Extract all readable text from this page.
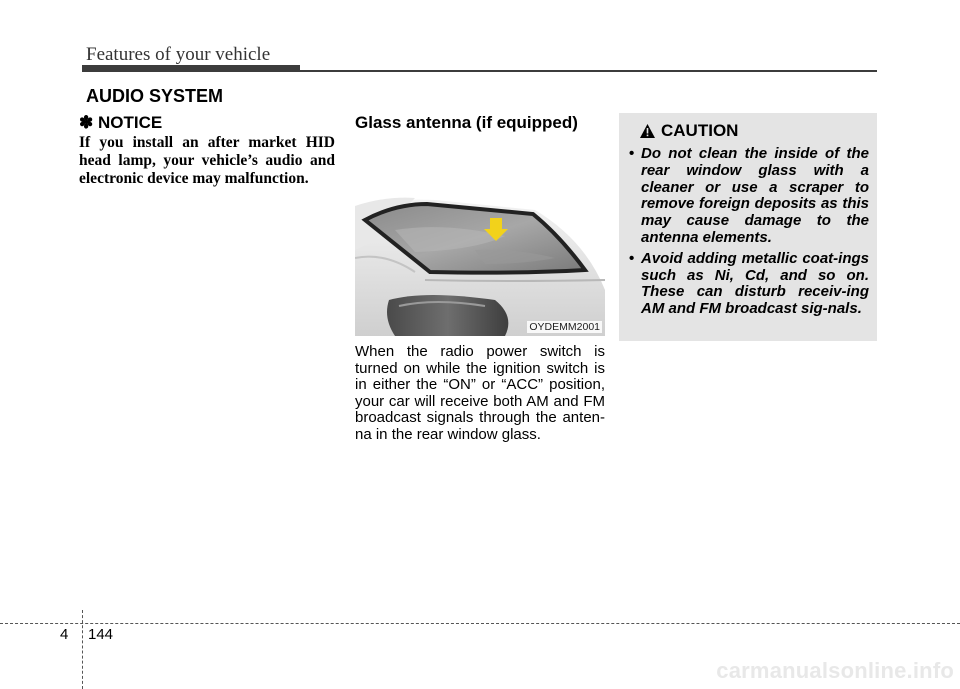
Features of your vehicle
AUDIO SYSTEM
✽ NOTICE
If you install an after market HID head lamp, your vehicle’s audio and electronic device may malfunction.
Glass antenna (if equipped)
OYDEMM2001
When the radio power switch is turned on while the ignition switch is in either the “ON” or “ACC” position, your car will receive both AM and FM broadcast signals through the anten-na in the rear window glass.
CAUTION
• Do not clean the inside of the rear window glass with a cleaner or use a scraper to remove foreign deposits as this may cause damage to the antenna elements.
• Avoid adding metallic coat-ings such as Ni, Cd, and so on. These can disturb receiv-ing AM and FM broadcast sig-nals.
4 144
carmanualsonline.info
